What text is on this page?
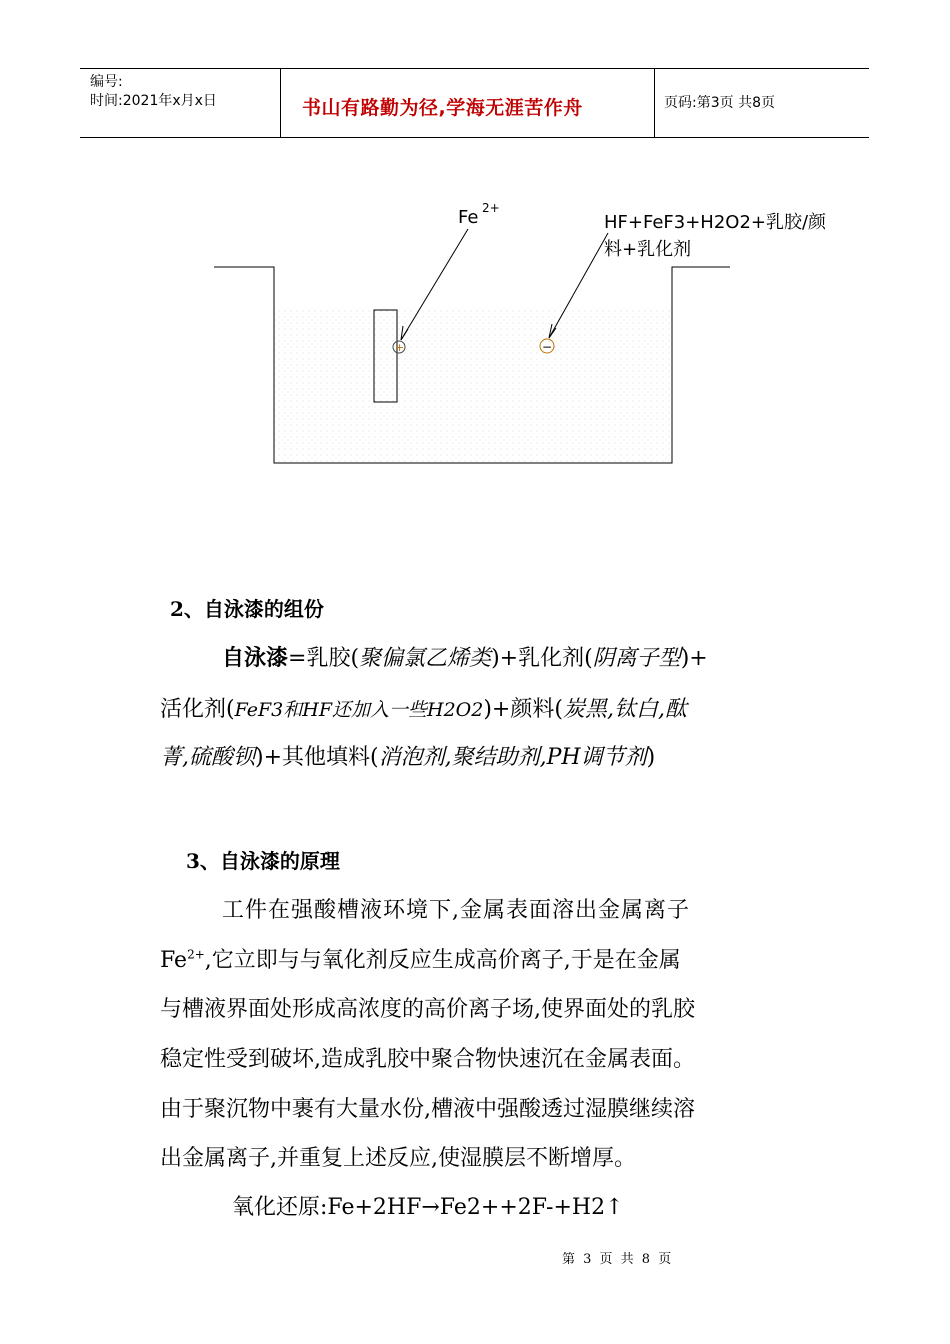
编号:
时间:2021年x月x日	书山有路勤为径,学海无涯苦作舟	页码:第3页 共8页
+	−
Fe 2+
HF+FeF3+H2O2+乳胶/颜
料+乳化剂
2、自泳漆的组份
自泳漆=乳胶(聚偏氯乙烯类)+乳化剂(阴离子型)+
活化剂(FeF3和HF还加入一些H2O2)+颜料(炭黑,钛白,酞
菁,硫酸钡)+其他填料(消泡剂,聚结助剂,PH调节剂)
3、自泳漆的原理
工件在强酸槽液环境下,金属表面溶出金属离子
$Fe^{2+}$,它立即与与氧化剂反应生成高价离子,于是在金属
与槽液界面处形成高浓度的高价离子场,使界面处的乳胶
稳定性受到破坏,造成乳胶中聚合物快速沉在金属表面。
由于聚沉物中裹有大量水份,槽液中强酸透过湿膜继续溶
出金属离子,并重复上述反应,使湿膜层不断增厚。
氧化还原:Fe+2HF→Fe2++2F-+H2↑
第 3 页 共 8 页
